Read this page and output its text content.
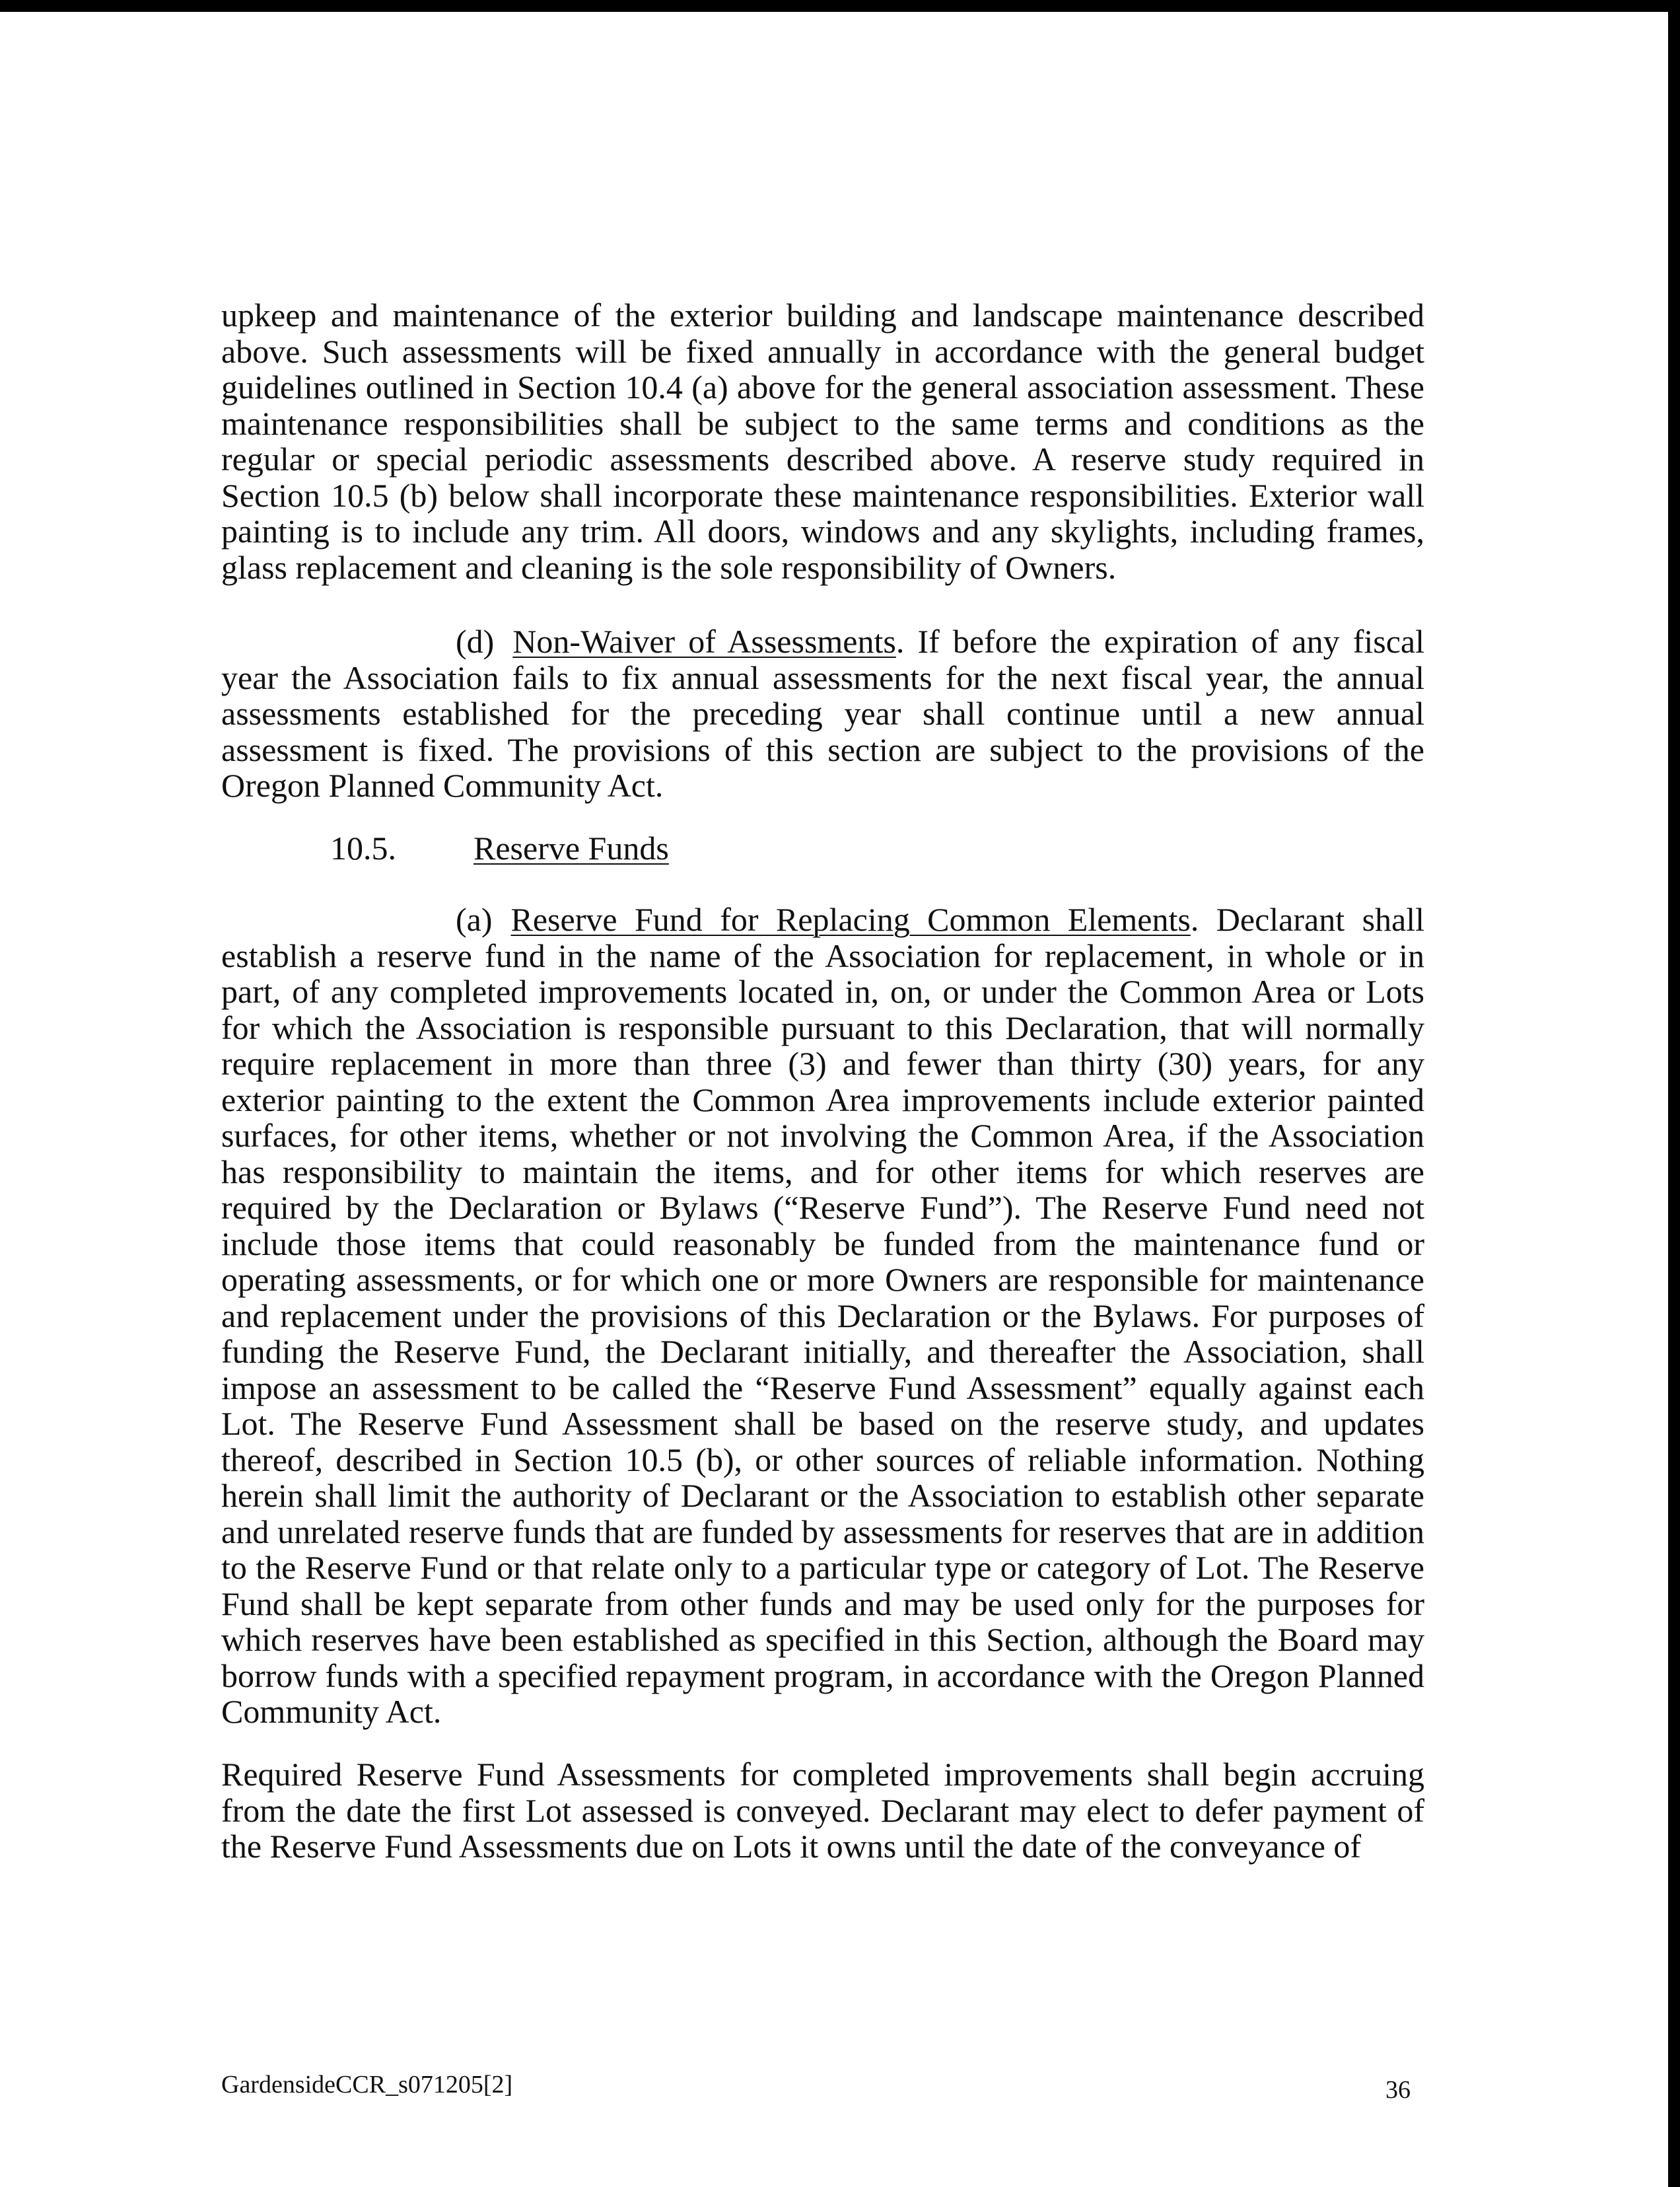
upkeep and maintenance of the exterior building and landscape maintenance described above. Such assessments will be fixed annually in accordance with the general budget guidelines outlined in Section 10.4 (a) above for the general association assessment. These maintenance responsibilities shall be subject to the same terms and conditions as the regular or special periodic assessments described above. A reserve study required in Section 10.5 (b) below shall incorporate these maintenance responsibilities. Exterior wall painting is to include any trim. All doors, windows and any skylights, including frames, glass replacement and cleaning is the sole responsibility of Owners.

(d) Non-Waiver of Assessments. If before the expiration of any fiscal year the Association fails to fix annual assessments for the next fiscal year, the annual assessments established for the preceding year shall continue until a new annual assessment is fixed. The provisions of this section are subject to the provisions of the Oregon Planned Community Act.

10.5. Reserve Funds

(a) Reserve Fund for Replacing Common Elements. Declarant shall establish a reserve fund in the name of the Association for replacement, in whole or in part, of any completed improvements located in, on, or under the Common Area or Lots for which the Association is responsible pursuant to this Declaration, that will normally require replacement in more than three (3) and fewer than thirty (30) years, for any exterior painting to the extent the Common Area improvements include exterior painted surfaces, for other items, whether or not involving the Common Area, if the Association has responsibility to maintain the items, and for other items for which reserves are required by the Declaration or Bylaws (“Reserve Fund”). The Reserve Fund need not include those items that could reasonably be funded from the maintenance fund or operating assessments, or for which one or more Owners are responsible for maintenance and replacement under the provisions of this Declaration or the Bylaws. For purposes of funding the Reserve Fund, the Declarant initially, and thereafter the Association, shall impose an assessment to be called the “Reserve Fund Assessment” equally against each Lot. The Reserve Fund Assessment shall be based on the reserve study, and updates thereof, described in Section 10.5 (b), or other sources of reliable information. Nothing herein shall limit the authority of Declarant or the Association to establish other separate and unrelated reserve funds that are funded by assessments for reserves that are in addition to the Reserve Fund or that relate only to a particular type or category of Lot. The Reserve Fund shall be kept separate from other funds and may be used only for the purposes for which reserves have been established as specified in this Section, although the Board may borrow funds with a specified repayment program, in accordance with the Oregon Planned Community Act.

Required Reserve Fund Assessments for completed improvements shall begin accruing from the date the first Lot assessed is conveyed. Declarant may elect to defer payment of the Reserve Fund Assessments due on Lots it owns until the date of the conveyance of

GardensideCCR_s071205[2]	36
